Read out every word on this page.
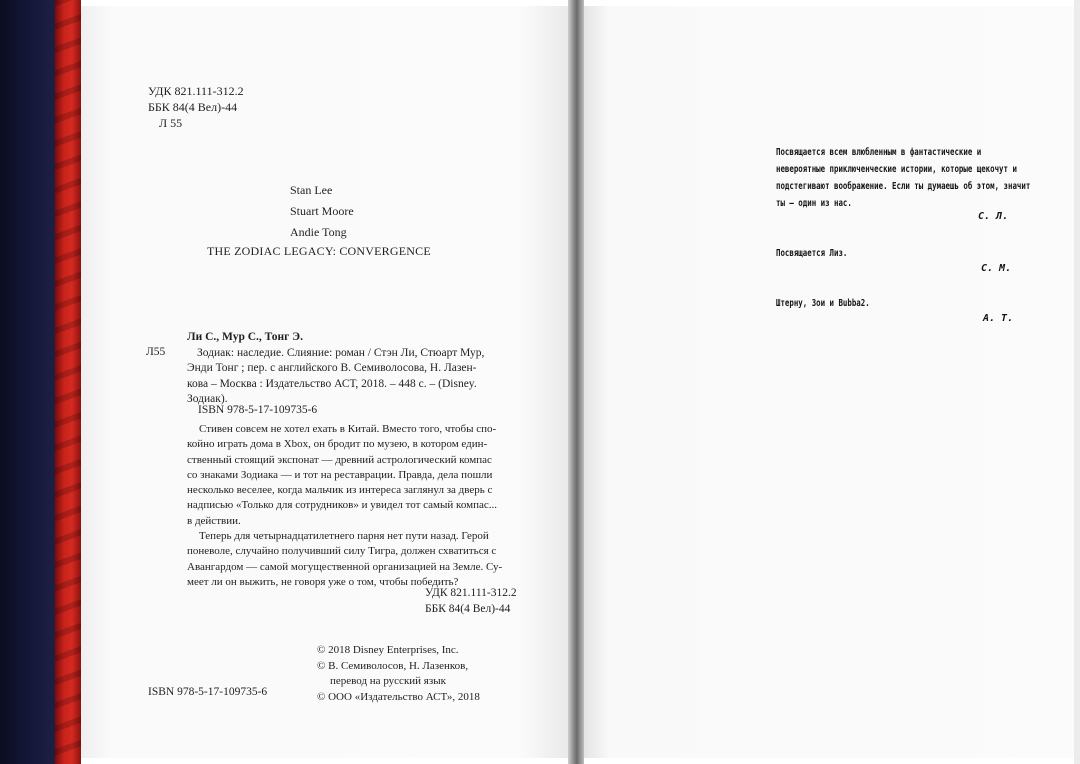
УДК 821.111-312.2
ББК 84(4 Вел)-44
Л 55
Stan Lee
Stuart Moore
Andie Tong
THE ZODIAC LEGACY: CONVERGENCE
Л55
Ли С., Мур С., Тонг Э.
Зодиак: наследие. Слияние: роман / Стэн Ли, Стюарт Мур,
Энди Тонг ; пер. с английского В. Семиволосова, Н. Лазен-
кова – Москва : Издательство АСТ, 2018. – 448 с. – (Disney.
Зодиак).
ISBN 978-5-17-109735-6
Стивен совсем не хотел ехать в Китай. Вместо того, чтобы спо-
койно играть дома в Xbox, он бродит по музею, в котором един-
ственный стоящий экспонат — древний астрологический компас
со знаками Зодиака — и тот на реставрации. Правда, дела пошли
несколько веселее, когда мальчик из интереса заглянул за дверь с
надписью «Только для сотрудников» и увидел тот самый компас...
в действии.
Теперь для четырнадцатилетнего парня нет пути назад. Герой
поневоле, случайно получивший силу Тигра, должен схватиться с
Авангардом — самой могущественной организацией на Земле. Су-
меет ли он выжить, не говоря уже о том, чтобы победить?
УДК 821.111-312.2
ББК 84(4 Вел)-44
© 2018 Disney Enterprises, Inc.
© В. Семиволосов, Н. Лазенков,
перевод на русский язык
© ООО «Издательство АСТ», 2018
ISBN 978-5-17-109735-6
Посвящается всем влюбленным в фантастические и
невероятные приключенческие истории, которые щекочут и
подстегивают воображение. Если ты думаешь об этом, значит
ты — один из нас.
С. Л.
Посвящается Лиз.
С. М.
Штерну, Зои и Bubba2.
А. Т.
